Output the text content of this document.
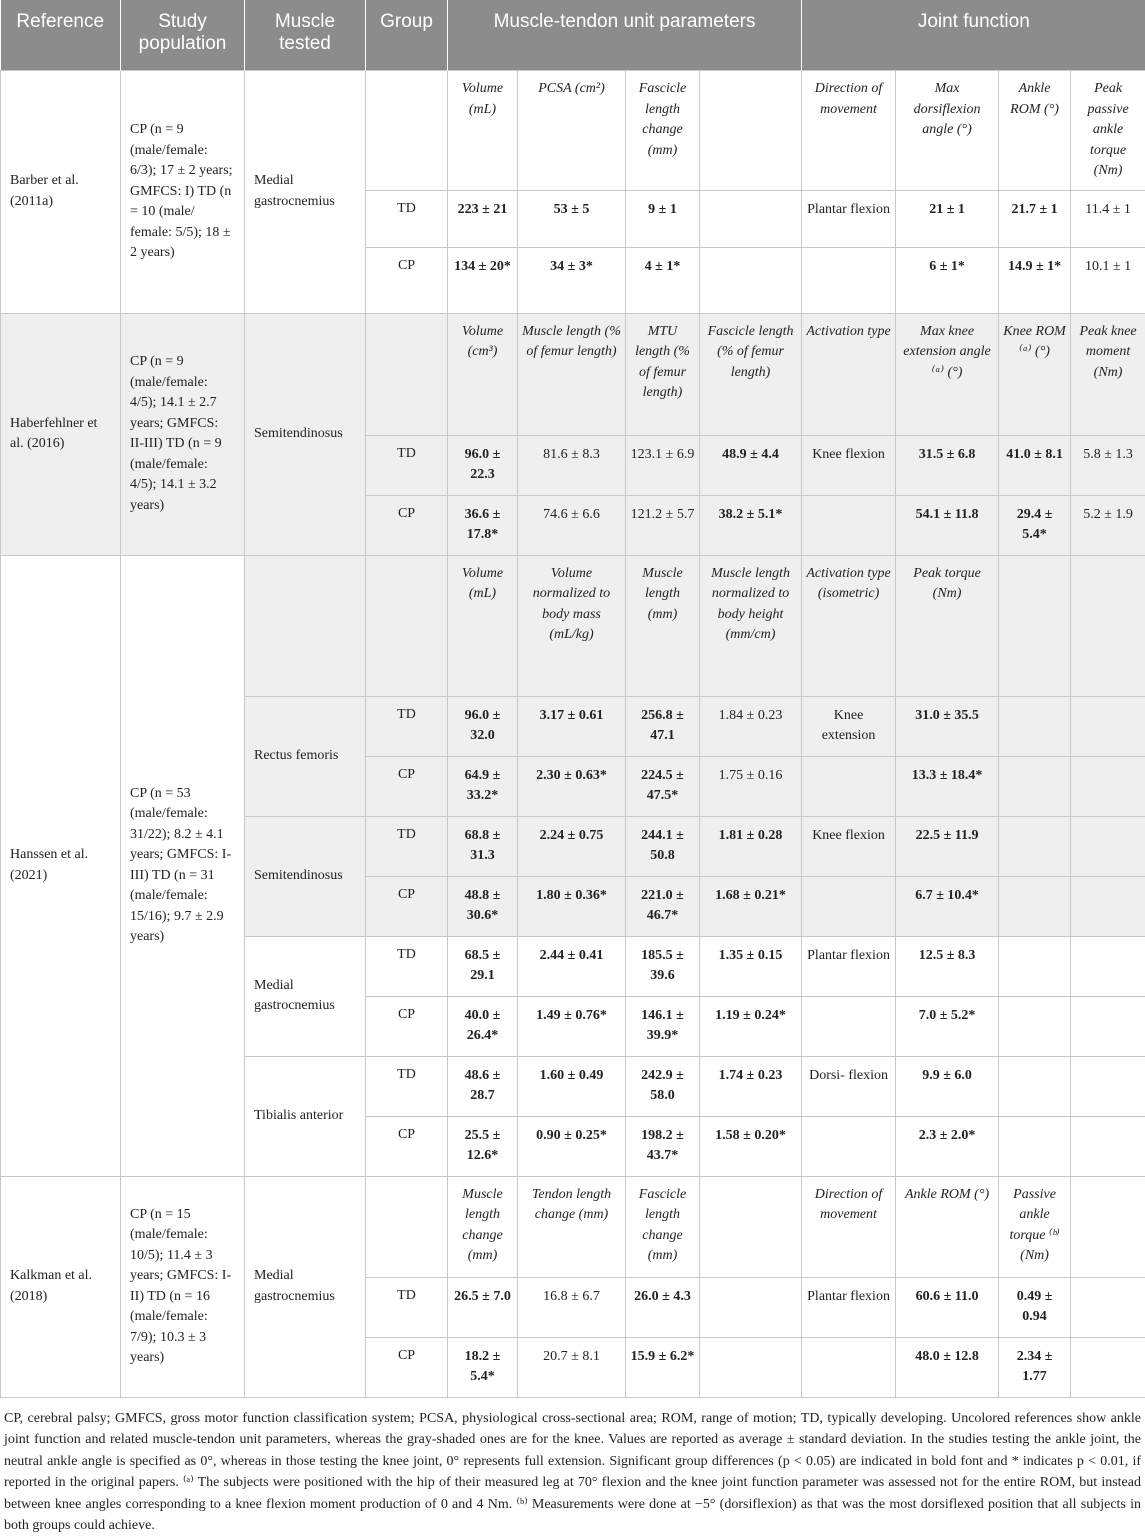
Reference	Study population	Muscle tested	Group	Muscle-tendon unit parameters				Joint function			
Barber et al. (2011a)	CP (n = 9 (male/female: 6/3); 17 ± 2 years; GMFCS: I) TD (n = 10 (male/ female: 5/5); 18 ± 2 years)	Medial gastrocnemius		Volume (mL)	PCSA (cm²)	Fascicle length change (mm)		Direction of movement	Max dorsiflexion angle (°)	Ankle ROM (°)	Peak passive ankle torque (Nm)
			TD	223 ± 21	53 ± 5	9 ± 1		Plantar flexion	21 ± 1	21.7 ± 1	11.4 ± 1
			CP	134 ± 20*	34 ± 3*	4 ± 1*			6 ± 1*	14.9 ± 1*	10.1 ± 1
Haberfehlner et al. (2016)	CP (n = 9 (male/female: 4/5); 14.1 ± 2.7 years; GMFCS: II-III) TD (n = 9 (male/female: 4/5); 14.1 ± 3.2 years)	Semitendinosus		Volume (cm³)	Muscle length (% of femur length)	MTU length (% of femur length)	Fascicle length (% of femur length)	Activation type	Max knee extension angle ⁽ᵃ⁾ (°)	Knee ROM ⁽ᵃ⁾ (°)	Peak knee moment (Nm)
			TD	96.0 ± 22.3	81.6 ± 8.3	123.1 ± 6.9	48.9 ± 4.4	Knee flexion	31.5 ± 6.8	41.0 ± 8.1	5.8 ± 1.3
			CP	36.6 ± 17.8*	74.6 ± 6.6	121.2 ± 5.7	38.2 ± 5.1*		54.1 ± 11.8	29.4 ± 5.4*	5.2 ± 1.9
Hanssen et al. (2021)	CP (n = 53 (male/female: 31/22); 8.2 ± 4.1 years; GMFCS: I-III) TD (n = 31 (male/female: 15/16); 9.7 ± 2.9 years)			Volume (mL)	Volume normalized to body mass (mL/kg)	Muscle length (mm)	Muscle length normalized to body height (mm/cm)	Activation type (isometric)	Peak torque (Nm)		
		Rectus femoris	TD	96.0 ± 32.0	3.17 ± 0.61	256.8 ± 47.1	1.84 ± 0.23	Knee extension	31.0 ± 35.5		
			CP	64.9 ± 33.2*	2.30 ± 0.63*	224.5 ± 47.5*	1.75 ± 0.16		13.3 ± 18.4*		
		Semitendinosus	TD	68.8 ± 31.3	2.24 ± 0.75	244.1 ± 50.8	1.81 ± 0.28	Knee flexion	22.5 ± 11.9		
			CP	48.8 ± 30.6*	1.80 ± 0.36*	221.0 ± 46.7*	1.68 ± 0.21*		6.7 ± 10.4*		
		Medial gastrocnemius	TD	68.5 ± 29.1	2.44 ± 0.41	185.5 ± 39.6	1.35 ± 0.15	Plantar flexion	12.5 ± 8.3		
			CP	40.0 ± 26.4*	1.49 ± 0.76*	146.1 ± 39.9*	1.19 ± 0.24*		7.0 ± 5.2*		
		Tibialis anterior	TD	48.6 ± 28.7	1.60 ± 0.49	242.9 ± 58.0	1.74 ± 0.23	Dorsi- flexion	9.9 ± 6.0		
			CP	25.5 ± 12.6*	0.90 ± 0.25*	198.2 ± 43.7*	1.58 ± 0.20*		2.3 ± 2.0*		
Kalkman et al. (2018)	CP (n = 15 (male/female: 10/5); 11.4 ± 3 years; GMFCS: I-II) TD (n = 16 (male/female: 7/9); 10.3 ± 3 years)	Medial gastrocnemius		Muscle length change (mm)	Tendon length change (mm)	Fascicle length change (mm)		Direction of movement	Ankle ROM (°)	Passive ankle torque ⁽ᵇ⁾ (Nm)	
			TD	26.5 ± 7.0	16.8 ± 6.7	26.0 ± 4.3		Plantar flexion	60.6 ± 11.0	0.49 ± 0.94	
			CP	18.2 ± 5.4*	20.7 ± 8.1	15.9 ± 6.2*			48.0 ± 12.8	2.34 ± 1.77	
CP, cerebral palsy; GMFCS, gross motor function classification system; PCSA, physiological cross-sectional area; ROM, range of motion; TD, typically developing. Uncolored references show ankle joint function and related muscle-tendon unit parameters, whereas the gray-shaded ones are for the knee. Values are reported as average ± standard deviation. In the studies testing the ankle joint, the neutral ankle angle is specified as 0°, whereas in those testing the knee joint, 0° represents full extension. Significant group differences (p < 0.05) are indicated in bold font and * indicates p < 0.01, if reported in the original papers. ⁽ᵃ⁾ The subjects were positioned with the hip of their measured leg at 70° flexion and the knee joint function parameter was assessed not for the entire ROM, but instead between knee angles corresponding to a knee flexion moment production of 0 and 4 Nm. ⁽ᵇ⁾ Measurements were done at −5° (dorsiflexion) as that was the most dorsiflexed position that all subjects in both groups could achieve.
